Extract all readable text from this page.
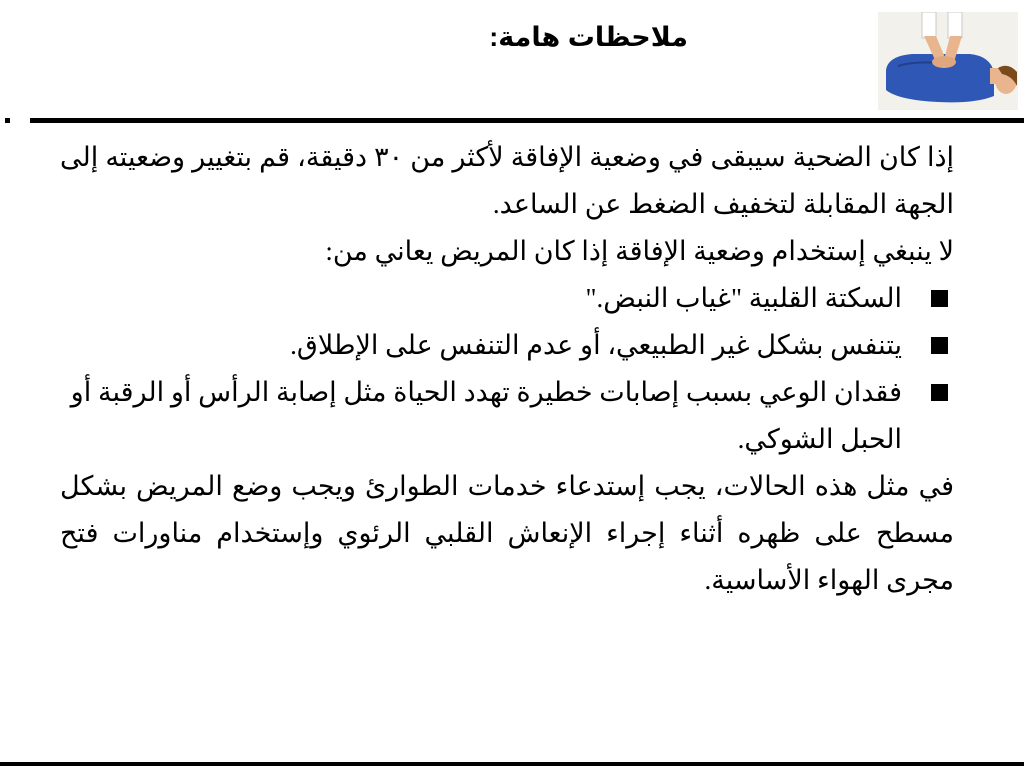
ملاحظات هامة:

إذا كان الضحية سيبقى في وضعية الإفاقة لأكثر من ٣٠ دقيقة، قم بتغيير وضعيته إلى الجهة المقابلة لتخفيف الضغط عن الساعد.

لا ينبغي إستخدام وضعية الإفاقة إذا كان المريض يعاني من:

السكتة القلبية "غياب النبض."
يتنفس بشكل غير الطبيعي، أو عدم التنفس على الإطلاق.
فقدان الوعي بسبب إصابات خطيرة تهدد الحياة مثل إصابة الرأس أو الرقبة أو الحبل الشوكي.

في مثل هذه الحالات، يجب إستدعاء خدمات الطوارئ ويجب وضع المريض بشكل مسطح على ظهره أثناء إجراء الإنعاش القلبي الرئوي وإستخدام مناورات فتح مجرى الهواء الأساسية.
